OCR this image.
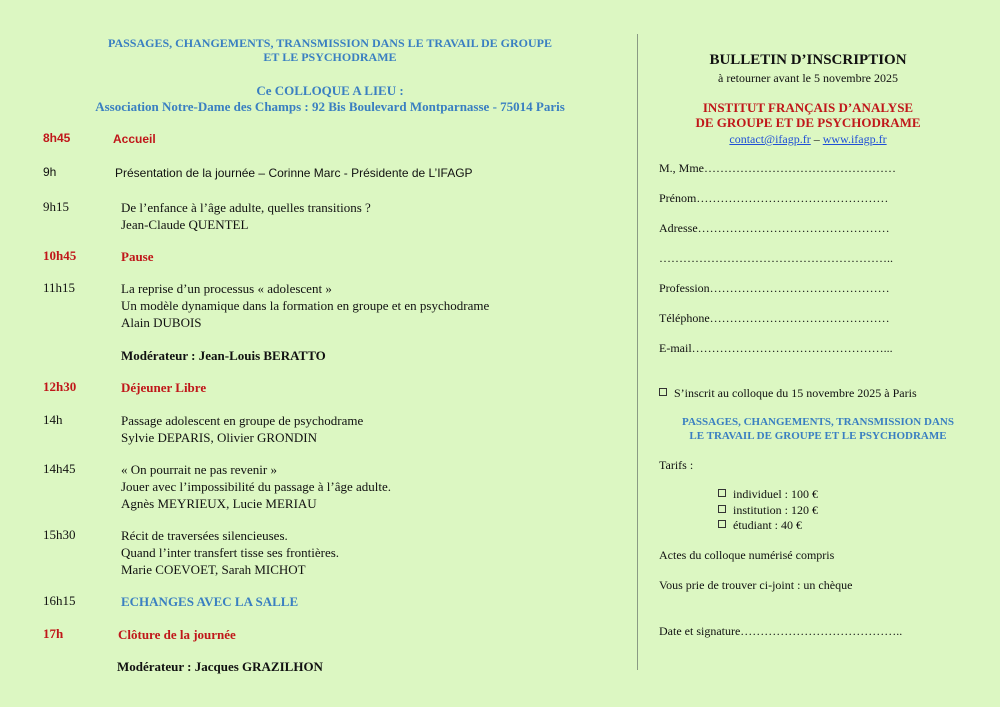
PASSAGES, CHANGEMENTS, TRANSMISSION DANS LE TRAVAIL DE GROUPE
ET LE PSYCHODRAME
Ce COLLOQUE A LIEU :
Association Notre-Dame des Champs : 92 Bis Boulevard Montparnasse - 75014 Paris
8h45	Accueil
9h	Présentation de la journée – Corinne Marc - Présidente de L’IFAGP
9h15	De l’enfance à l’âge adulte, quelles transitions ?
Jean-Claude QUENTEL
10h45	Pause
11h15	La reprise d’un processus « adolescent »
Un modèle dynamique dans la formation en groupe et en psychodrame
Alain DUBOIS
Modérateur : Jean-Louis BERATTO
12h30	Déjeuner Libre
14h	Passage adolescent en groupe de psychodrame
Sylvie DEPARIS, Olivier GRONDIN
14h45	« On pourrait ne pas revenir »
Jouer avec l’impossibilité du passage à l’âge adulte.
Agnès MEYRIEUX, Lucie MERIAU
15h30	Récit de traversées silencieuses.
Quand l’inter transfert tisse ses frontières.
Marie COEVOET, Sarah MICHOT
16h15	ECHANGES AVEC LA SALLE
17h	Clôture de la journée
Modérateur : Jacques GRAZILHON
BULLETIN D’INSCRIPTION
à retourner avant le 5 novembre 2025
INSTITUT FRANÇAIS D’ANALYSE
DE GROUPE ET DE PSYCHODRAME
contact@ifagp.fr – www.ifagp.fr
M., Mme…………………………………………
Prénom…………………………………………
Adresse…………………………………………
…………………………………………………..
Profession………………………………………
Téléphone………………………………………
E-mail…………………………………………...
S’inscrit au colloque du 15 novembre 2025 à Paris
PASSAGES, CHANGEMENTS, TRANSMISSION DANS
LE TRAVAIL DE GROUPE ET LE PSYCHODRAME
Tarifs :
individuel : 100 €
institution : 120 €
étudiant : 40 €
Actes du colloque numérisé compris
Vous prie de trouver ci-joint : un chèque
Date et signature…………………………………..
